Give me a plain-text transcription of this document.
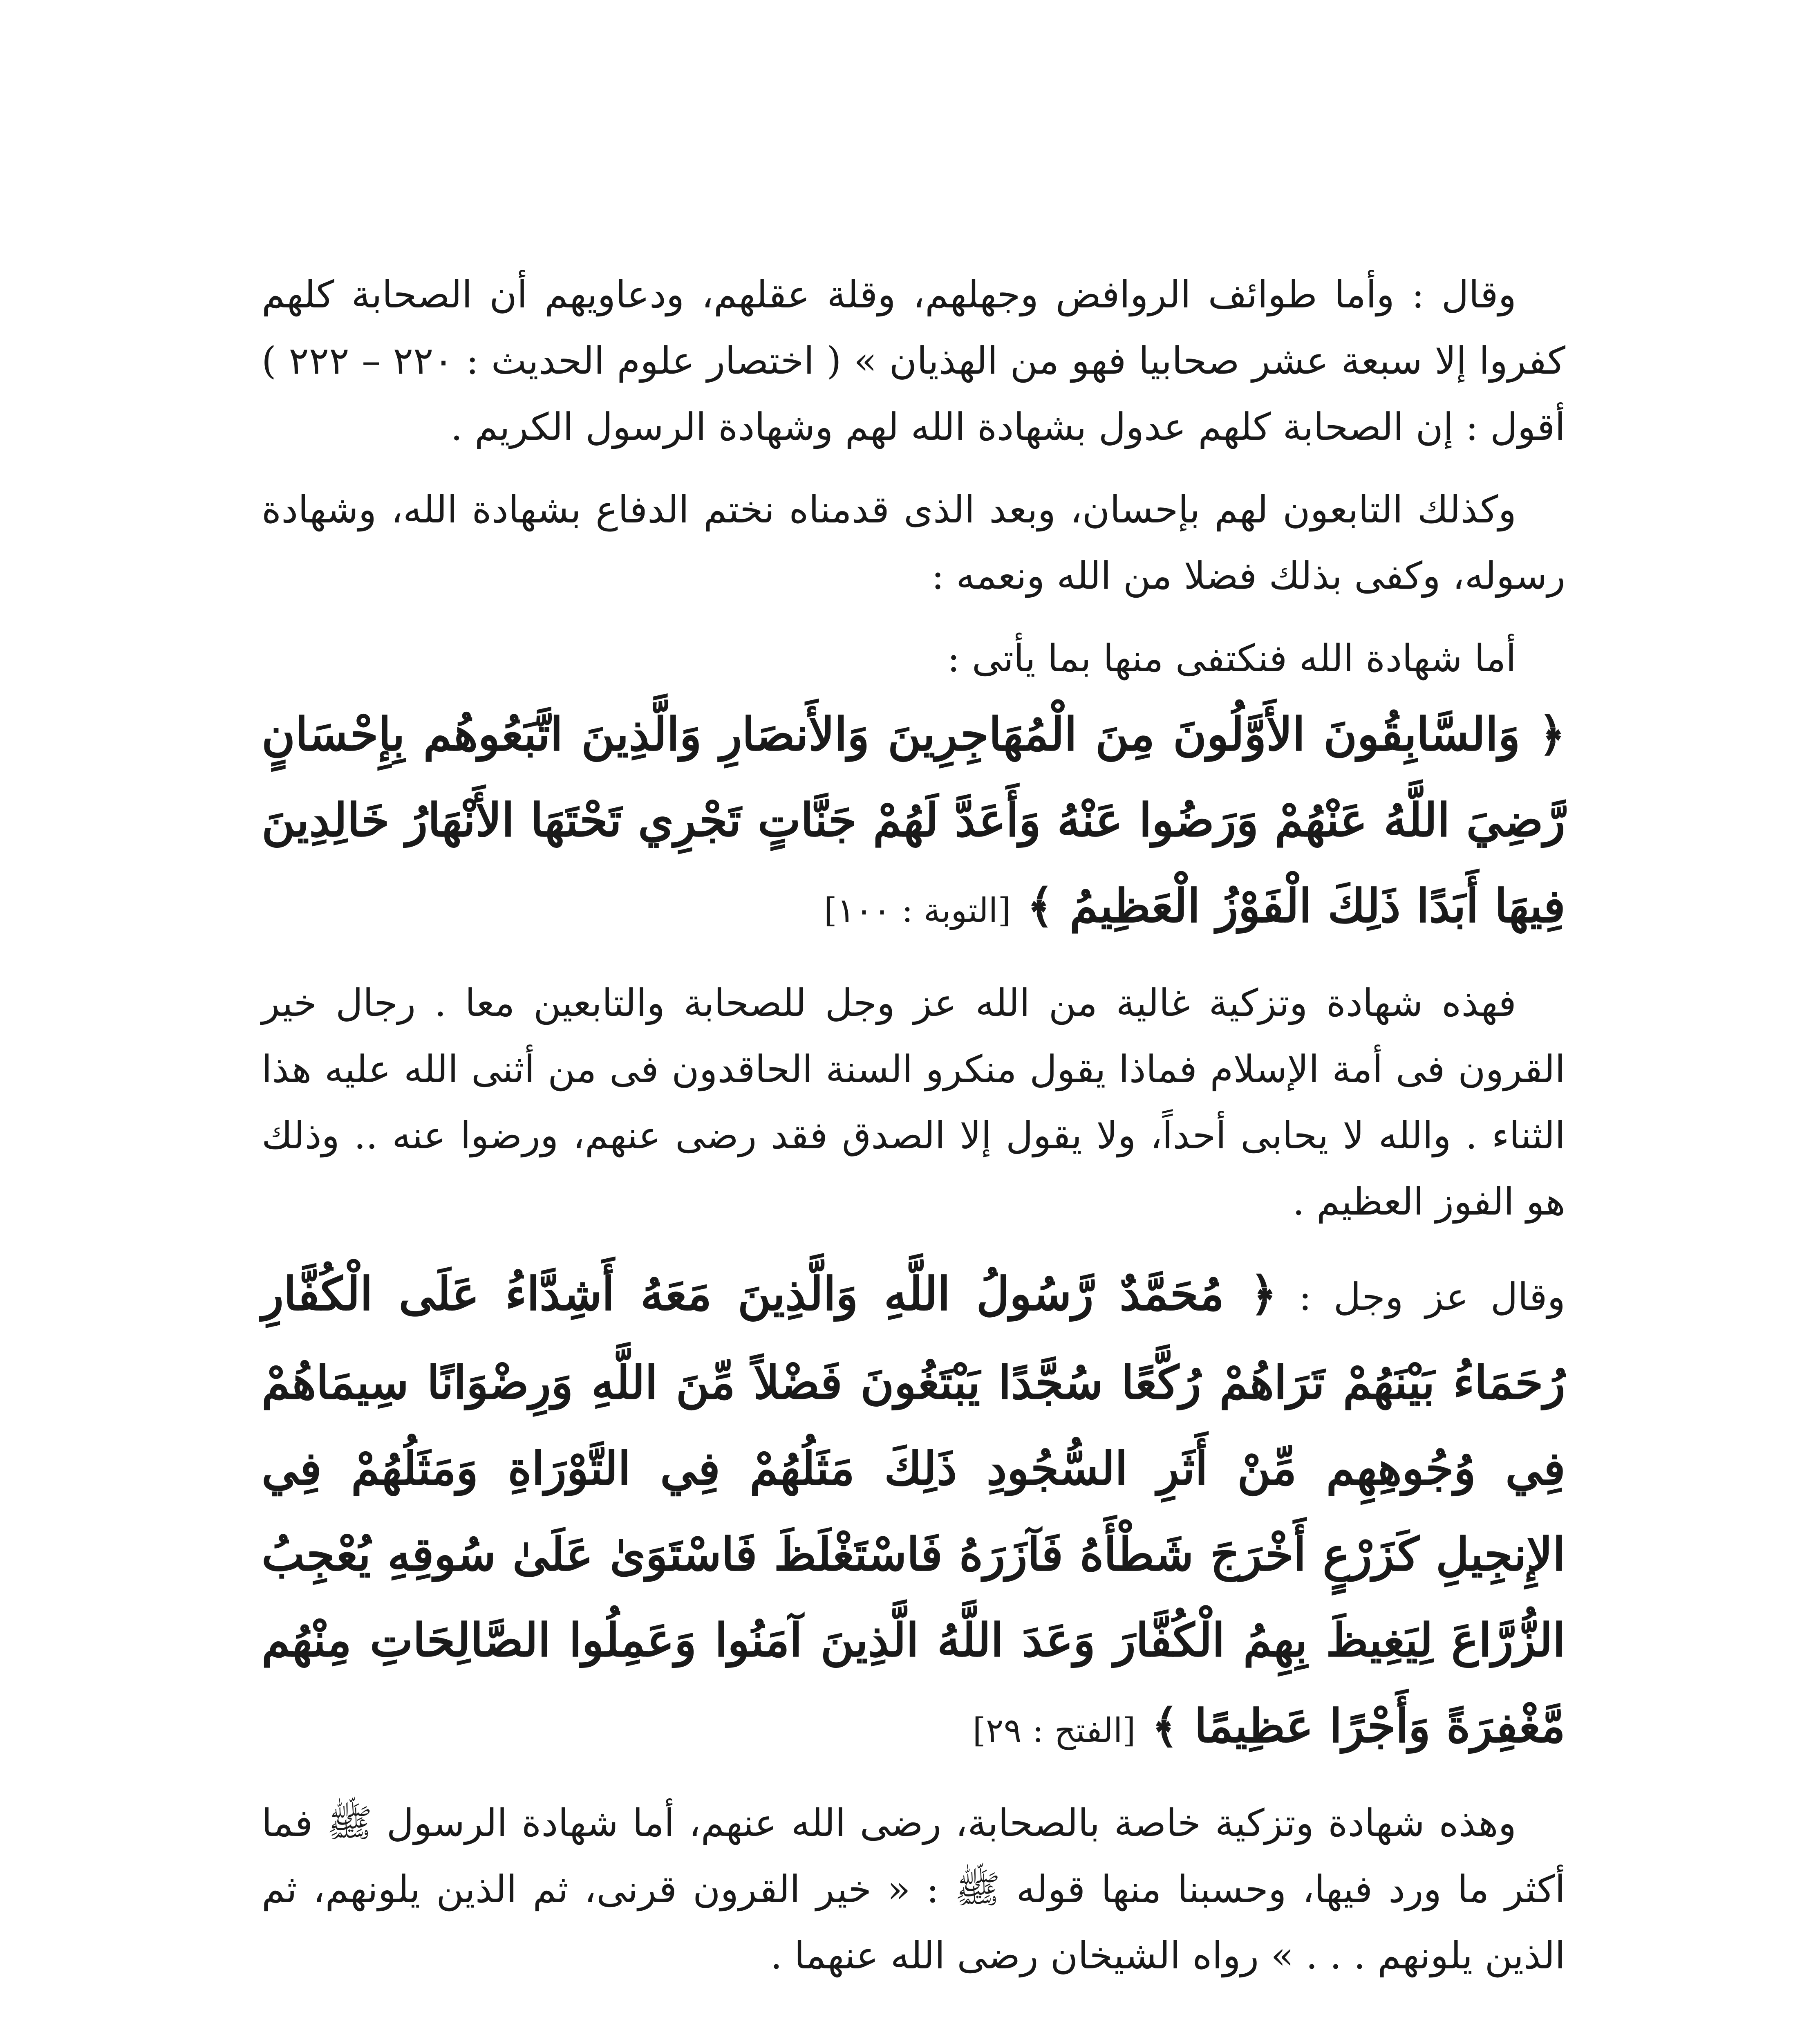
وقال : وأما طوائف الروافض وجهلهم، وقلة عقلهم، ودعاويهم أن الصحابة كلهم كفروا إلا سبعة عشر صحابيا فهو من الهذيان » ( اختصار علوم الحديث : ٢٢٠ – ٢٢٢ ) أقول : إن الصحابة كلهم عدول بشهادة الله لهم وشهادة الرسول الكريم .

وكذلك التابعون لهم بإحسان، وبعد الذى قدمناه نختم الدفاع بشهادة الله، وشهادة رسوله، وكفى بذلك فضلا من الله ونعمه :

أما شهادة الله فنكتفى منها بما يأتى :

﴿ وَالسَّابِقُونَ الأَوَّلُونَ مِنَ الْمُهَاجِرِينَ وَالأَنصَارِ وَالَّذِينَ اتَّبَعُوهُم بِإِحْسَانٍ رَّضِيَ اللَّهُ عَنْهُمْ وَرَضُوا عَنْهُ وَأَعَدَّ لَهُمْ جَنَّاتٍ تَجْرِي تَحْتَهَا الأَنْهَارُ خَالِدِينَ فِيهَا أَبَدًا ذَلِكَ الْفَوْزُ الْعَظِيمُ ﴾ [التوبة : ١٠٠]

فهذه شهادة وتزكية غالية من الله عز وجل للصحابة والتابعين معا . رجال خير القرون فى أمة الإسلام فماذا يقول منكرو السنة الحاقدون فى من أثنى الله عليه هذا الثناء . والله لا يحابى أحداً، ولا يقول إلا الصدق فقد رضى عنهم، ورضوا عنه .. وذلك هو الفوز العظيم .

وقال عز وجل : ﴿ مُحَمَّدٌ رَّسُولُ اللَّهِ وَالَّذِينَ مَعَهُ أَشِدَّاءُ عَلَى الْكُفَّارِ رُحَمَاءُ بَيْنَهُمْ تَرَاهُمْ رُكَّعًا سُجَّدًا يَبْتَغُونَ فَضْلاً مِّنَ اللَّهِ وَرِضْوَانًا سِيمَاهُمْ فِي وُجُوهِهِم مِّنْ أَثَرِ السُّجُودِ ذَلِكَ مَثَلُهُمْ فِي التَّوْرَاةِ وَمَثَلُهُمْ فِي الإِنجِيلِ كَزَرْعٍ أَخْرَجَ شَطْأَهُ فَآزَرَهُ فَاسْتَغْلَظَ فَاسْتَوَىٰ عَلَىٰ سُوقِهِ يُعْجِبُ الزُّرَّاعَ لِيَغِيظَ بِهِمُ الْكُفَّارَ وَعَدَ اللَّهُ الَّذِينَ آمَنُوا وَعَمِلُوا الصَّالِحَاتِ مِنْهُم مَّغْفِرَةً وَأَجْرًا عَظِيمًا ﴾ [الفتح : ٢٩]

وهذه شهادة وتزكية خاصة بالصحابة، رضى الله عنهم، أما شهادة الرسول ﷺ فما أكثر ما ورد فيها، وحسبنا منها قوله ﷺ : « خير القرون قرنى، ثم الذين يلونهم، ثم الذين يلونهم . . . » رواه الشيخان رضى الله عنهما .
